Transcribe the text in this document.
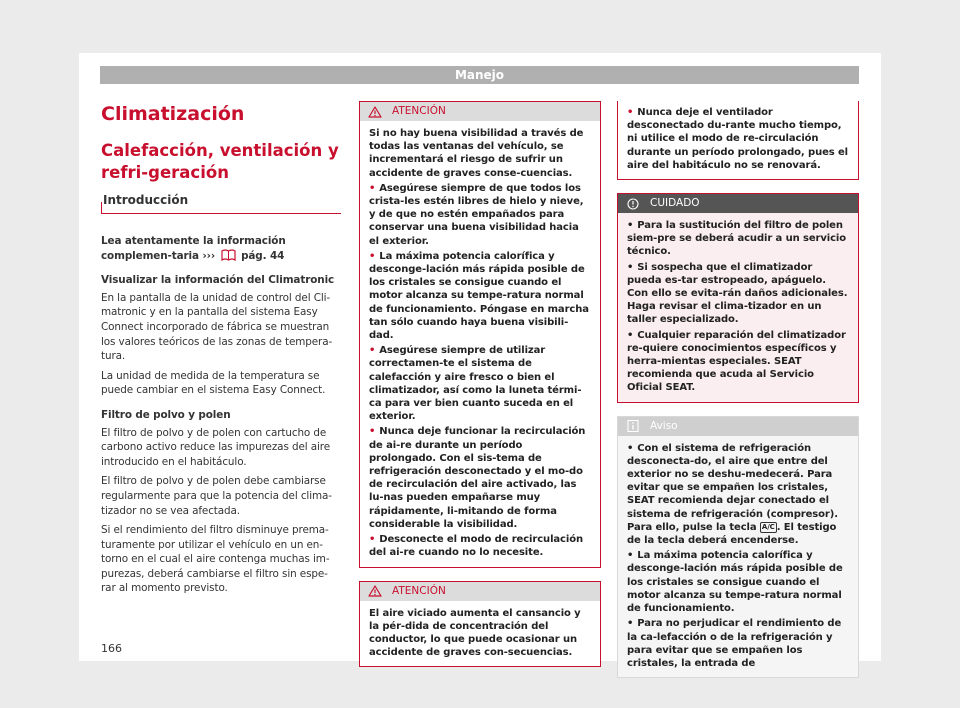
Manejo
Climatización
Calefacción, ventilación y refri-geración
Introducción

Lea atentamente la información complemen-taria ›››	pág. 44

Visualizar la información del Climatronic

En la pantalla de la unidad de control del Cli-matronic y en la pantalla del sistema Easy Connect incorporado de fábrica se muestran los valores teóricos de las zonas de tempera-tura.

La unidad de medida de la temperatura se puede cambiar en el sistema Easy Connect.

Filtro de polvo y polen

El filtro de polvo y de polen con cartucho de carbono activo reduce las impurezas del aire introducido en el habitáculo.

El filtro de polvo y de polen debe cambiarse regularmente para que la potencia del clima-tizador no se vea afectada.

Si el rendimiento del filtro disminuye prema-turamente por utilizar el vehículo en un en-torno en el cual el aire contenga muchas im-purezas, deberá cambiarse el filtro sin espe-rar al momento previsto.

ATENCIÓN

Si no hay buena visibilidad a través de todas las ventanas del vehículo, se incrementará el riesgo de sufrir un accidente de graves conse-cuencias.

• Asegúrese siempre de que todos los crista-les estén libres de hielo y nieve, y de que no estén empañados para conservar una buena visibilidad hacia el exterior.

• La máxima potencia calorífica y desconge-lación más rápida posible de los cristales se consigue cuando el motor alcanza su tempe-ratura normal de funcionamiento. Póngase en marcha tan sólo cuando haya buena visibili-dad.

• Asegúrese siempre de utilizar correctamen-te el sistema de calefacción y aire fresco o bien el climatizador, así como la luneta térmi-ca para ver bien cuanto suceda en el exterior.

• Nunca deje funcionar la recirculación de ai-re durante un período prolongado. Con el sis-tema de refrigeración desconectado y el mo-do de recirculación del aire activado, las lu-nas pueden empañarse muy rápidamente, li-mitando de forma considerable la visibilidad.

• Desconecte el modo de recirculación del ai-re cuando no lo necesite.

ATENCIÓN

El aire viciado aumenta el cansancio y la pér-dida de concentración del conductor, lo que puede ocasionar un accidente de graves con-secuencias.

• Nunca deje el ventilador desconectado du-rante mucho tiempo, ni utilice el modo de re-circulación durante un período prolongado, pues el aire del habitáculo no se renovará.

CUIDADO

• Para la sustitución del filtro de polen siem-pre se deberá acudir a un servicio técnico.

• Si sospecha que el climatizador pueda es-tar estropeado, apáguelo. Con ello se evita-rán daños adicionales. Haga revisar el clima-tizador en un taller especializado.

• Cualquier reparación del climatizador re-quiere conocimientos específicos y herra-mientas especiales. SEAT recomienda que acuda al Servicio Oficial SEAT.

Aviso

• Con el sistema de refrigeración desconecta-do, el aire que entre del exterior no se deshu-medecerá. Para evitar que se empañen los cristales, SEAT recomienda dejar conectado el sistema de refrigeración (compresor). Para ello, pulse la tecla A/C . El testigo de la tecla deberá encenderse.

• La máxima potencia calorífica y desconge-lación más rápida posible de los cristales se consigue cuando el motor alcanza su tempe-ratura normal de funcionamiento.

• Para no perjudicar el rendimiento de la ca-lefacción o de la refrigeración y para evitar que se empañen los cristales, la entrada de

166
